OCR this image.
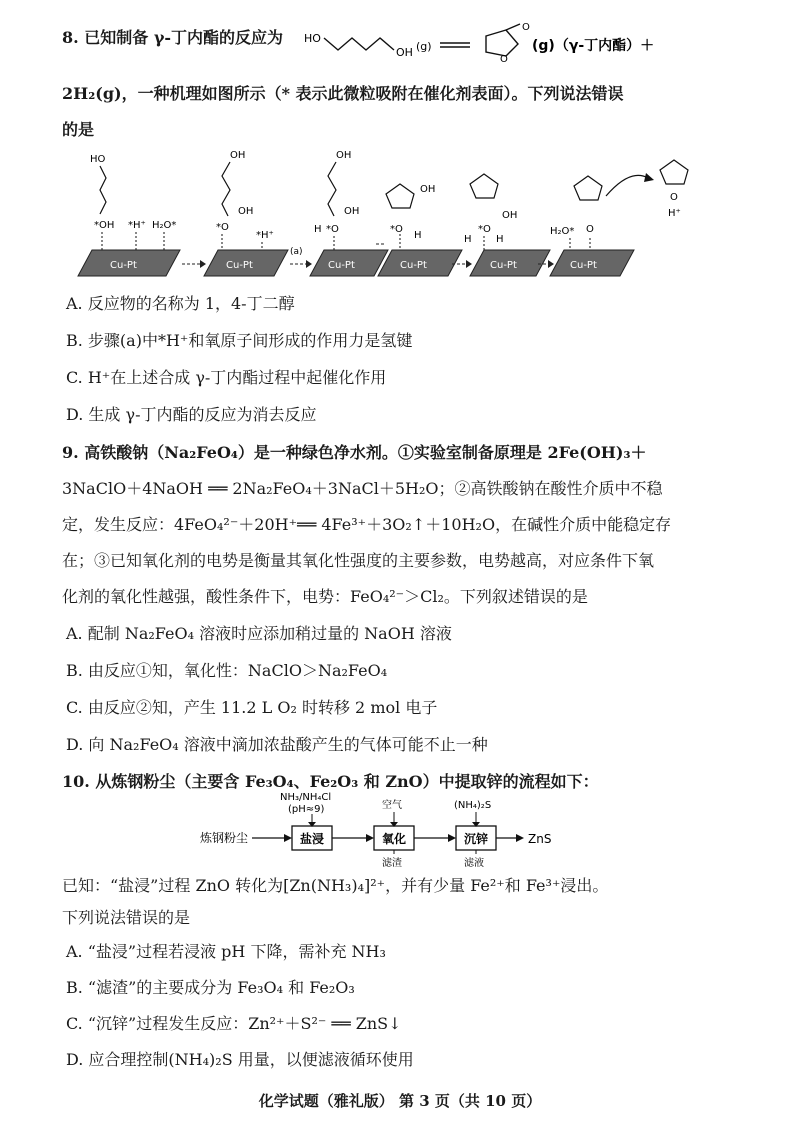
8. 已知制备 γ-丁内酯的反应为 HO
OH (g)
O
O
(g)（γ-丁内酯）＋
2H₂(g)，一种机理如图所示（* 表示此微粒吸附在催化剂表面）。下列说法错误
的是
Cu-Pt	Cu-Pt	Cu-Pt	Cu-Pt	Cu-Pt	Cu-Pt
(a)
HO
*OH *H⁺ H₂O*
OH
OH
*O
*H⁺
OH
OH
H *O
OH
*O
H
OH
H
*O
H
H₂O* O
O
H⁺
A. 反应物的名称为 1，4-丁二醇
B. 步骤(a)中*H⁺和氧原子间形成的作用力是氢键
C. H⁺在上述合成 γ-丁内酯过程中起催化作用
D. 生成 γ-丁内酯的反应为消去反应
9. 高铁酸钠（Na₂FeO₄）是一种绿色净水剂。①实验室制备原理是 2Fe(OH)₃＋
3NaClO＋4NaOH ══ 2Na₂FeO₄＋3NaCl＋5H₂O；②高铁酸钠在酸性介质中不稳
定，发生反应：4FeO₄²⁻＋20H⁺══ 4Fe³⁺＋3O₂↑＋10H₂O，在碱性介质中能稳定存
在；③已知氧化剂的电势是衡量其氧化性强度的主要参数，电势越高，对应条件下氧
化剂的氧化性越强，酸性条件下，电势：FeO₄²⁻＞Cl₂。下列叙述错误的是
A. 配制 Na₂FeO₄ 溶液时应添加稍过量的 NaOH 溶液
B. 由反应①知，氧化性：NaClO＞Na₂FeO₄
C. 由反应②知，产生 11.2 L O₂ 时转移 2 mol 电子
D. 向 Na₂FeO₄ 溶液中滴加浓盐酸产生的气体可能不止一种
10. 从炼钢粉尘（主要含 Fe₃O₄、Fe₂O₃ 和 ZnO）中提取锌的流程如下：
炼钢粉尘	盐浸
NH₃/NH₄Cl
(pH≈9)
氧化
空气
滤渣
沉锌
(NH₄)₂S
滤液
ZnS
已知：“盐浸”过程 ZnO 转化为[Zn(NH₃)₄]²⁺，并有少量 Fe²⁺和 Fe³⁺浸出。
下列说法错误的是
A. “盐浸”过程若浸液 pH 下降，需补充 NH₃
B. “滤渣”的主要成分为 Fe₃O₄ 和 Fe₂O₃
C. “沉锌”过程发生反应：Zn²⁺＋S²⁻ ══ ZnS↓
D. 应合理控制(NH₄)₂S 用量，以便滤液循环使用
化学试题（雅礼版） 第 3 页（共 10 页）
